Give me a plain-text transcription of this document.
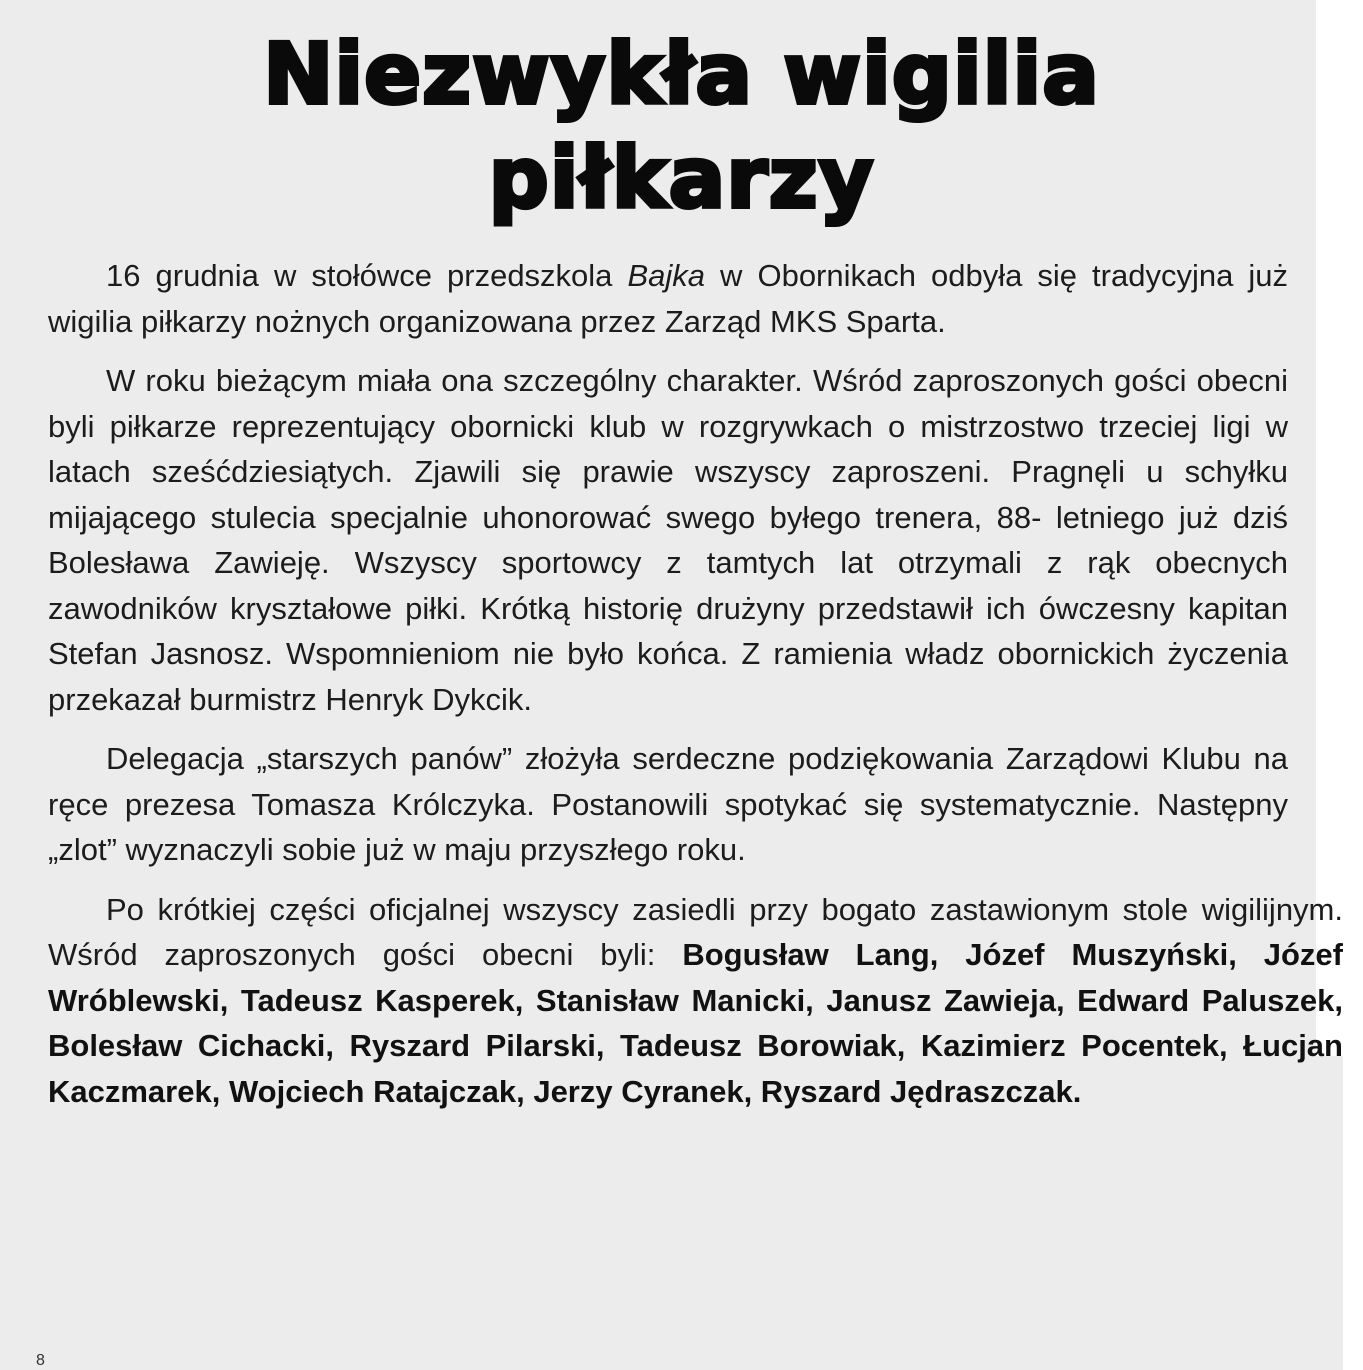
Niezwykła wigilia
piłkarzy

16 grudnia w stołówce przedszkola Bajka w Obornikach odbyła się tradycyjna już wigilia piłkarzy nożnych organizowana przez Zarząd MKS Sparta.

W roku bieżącym miała ona szczególny charakter. Wśród zaproszonych gości obecni byli piłkarze reprezentujący obornicki klub w rozgrywkach o mistrzostwo trzeciej ligi w latach sześćdziesiątych. Zjawili się prawie wszyscy zaproszeni. Pragnęli u schyłku mijającego stulecia specjalnie uhonorować swego byłego trenera, 88- letniego już dziś Bolesława Zawieję. Wszyscy sportowcy z tamtych lat otrzymali z rąk obecnych zawodników kryształowe piłki. Krótką historię drużyny przedstawił ich ówczesny kapitan Stefan Jasnosz. Wspomnieniom nie było końca. Z ramienia władz obornickich życzenia przekazał burmistrz Henryk Dykcik.

Delegacja „starszych panów” złożyła serdeczne podziękowania Zarządowi Klubu na ręce prezesa Tomasza Królczyka. Postanowili spotykać się systematycznie. Następny „zlot” wyznaczyli sobie już w maju przyszłego roku.

Po krótkiej części oficjalnej wszyscy zasiedli przy bogato zastawionym stole wigilijnym. Wśród zaproszonych gości obecni byli: Bogusław Lang, Józef Muszyński, Józef Wróblewski, Tadeusz Kasperek, Stanisław Manicki, Janusz Zawieja, Edward Paluszek, Bolesław Cichacki, Ryszard Pilarski, Tadeusz Borowiak, Kazimierz Pocentek, Łucjan Kaczmarek, Wojciech Ratajczak, Jerzy Cyranek, Ryszard Jędraszczak.

8
